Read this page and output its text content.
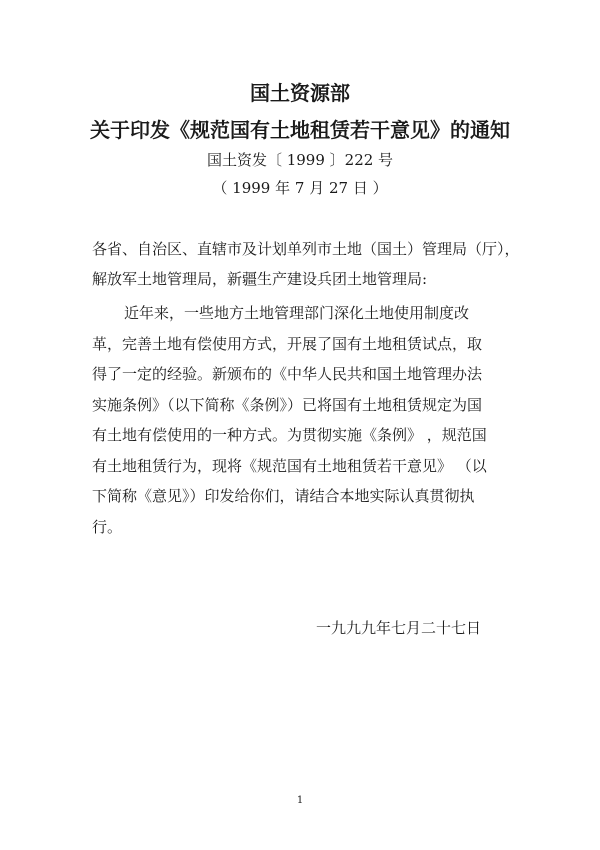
国土资源部
关于印发《规范国有土地租赁若干意见》的通知
国土资发〔 1999 〕222 号
（ 1999 年 7 月 27 日 ）
各省、自治区、直辖市及计划单列市土地（国土）管理局（厅），
解放军土地管理局，新疆生产建设兵团土地管理局:
近年来，一些地方土地管理部门深化土地使用制度改
革，完善土地有偿使用方式，开展了国有土地租赁试点，取
得了一定的经验。新颁布的《中华人民共和国土地管理办法
实施条例》（以下简称《条例》）已将国有土地租赁规定为国
有土地有偿使用的一种方式。为贯彻实施《条例》 ，规范国
有土地租赁行为，现将《规范国有土地租赁若干意见》 （以
下简称《意见》）印发给你们，请结合本地实际认真贯彻执
行。
一九九九年七月二十七日
1
